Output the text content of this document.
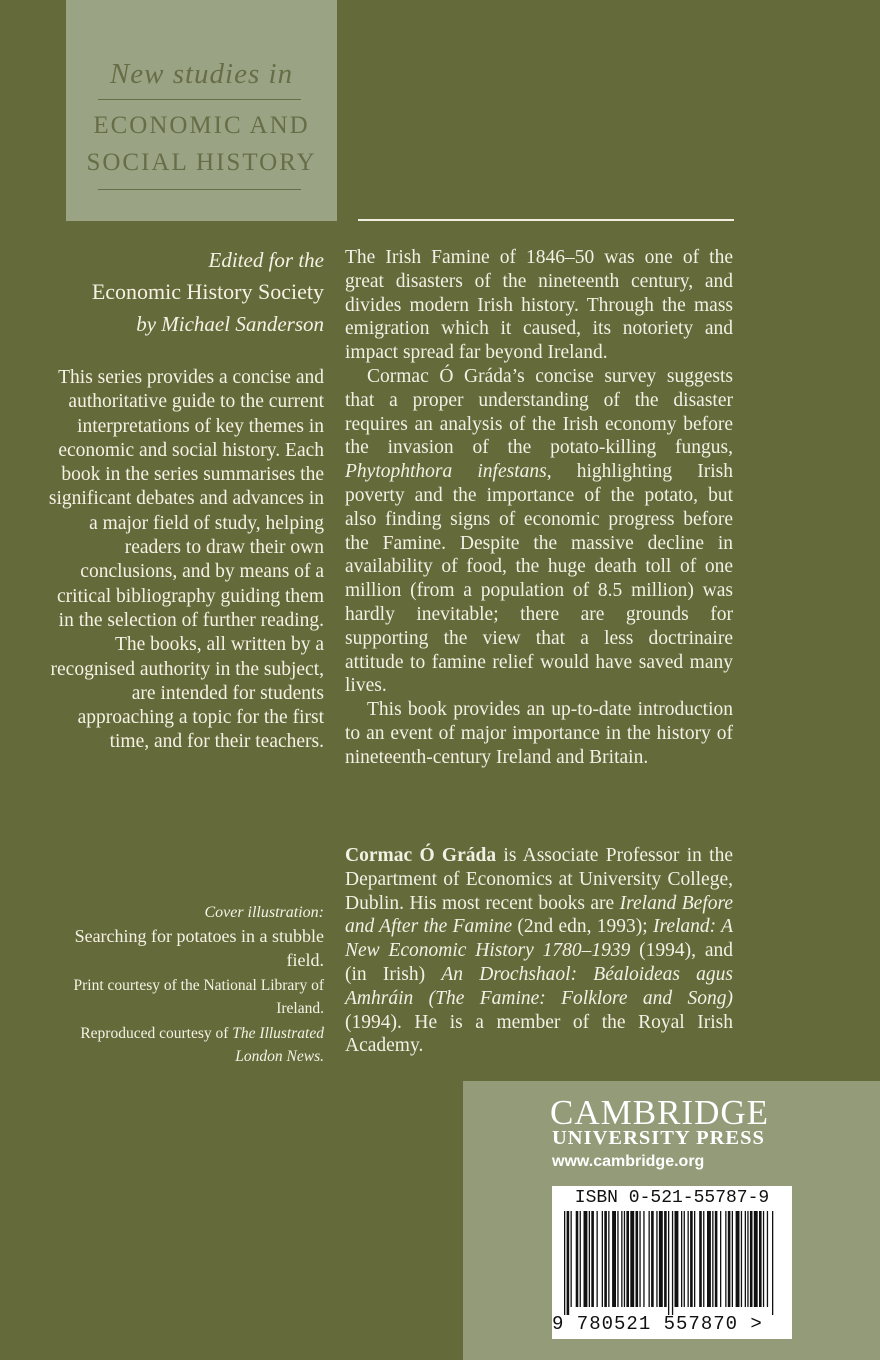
New studies in
ECONOMIC AND
SOCIAL HISTORY
Edited for the
Economic History Society
by Michael Sanderson

This series provides a concise and authoritative guide to the current interpretations of key themes in economic and social history. Each book in the series summarises the significant debates and advances in a major field of study, helping readers to draw their own conclusions, and by means of a critical bibliography guiding them in the selection of further reading. The books, all written by a recognised authority in the subject, are intended for students approaching a topic for the first time, and for their teachers.

Cover illustration:
Searching for potatoes in a stubble field.
Print courtesy of the National Library of Ireland.
Reproduced courtesy of The Illustrated London News.

The Irish Famine of 1846–50 was one of the great disasters of the nineteenth century, and divides modern Irish history. Through the mass emigration which it caused, its notoriety and impact spread far beyond Ireland.

Cormac Ó Gráda’s concise survey suggests that a proper understanding of the disaster requires an analysis of the Irish economy before the invasion of the potato-killing fungus, Phytophthora infestans, highlighting Irish poverty and the importance of the potato, but also finding signs of economic progress before the Famine. Despite the massive decline in availability of food, the huge death toll of one million (from a population of 8.5 million) was hardly inevitable; there are grounds for supporting the view that a less doctrinaire attitude to famine relief would have saved many lives.

This book provides an up-to-date introduction to an event of major importance in the history of nineteenth-century Ireland and Britain.

Cormac Ó Gráda is Associate Professor in the Department of Economics at University College, Dublin. His most recent books are Ireland Before and After the Famine (2nd edn, 1993); Ireland: A New Economic History 1780–1939 (1994), and (in Irish) An Drochshaol: Béaloideas agus Amhráin (The Famine: Folklore and Song) (1994). He is a member of the Royal Irish Academy.

CAMBRIDGE
UNIVERSITY PRESS
www.cambridge.org
ISBN 0-521-55787-9
9 780521 557870 >
